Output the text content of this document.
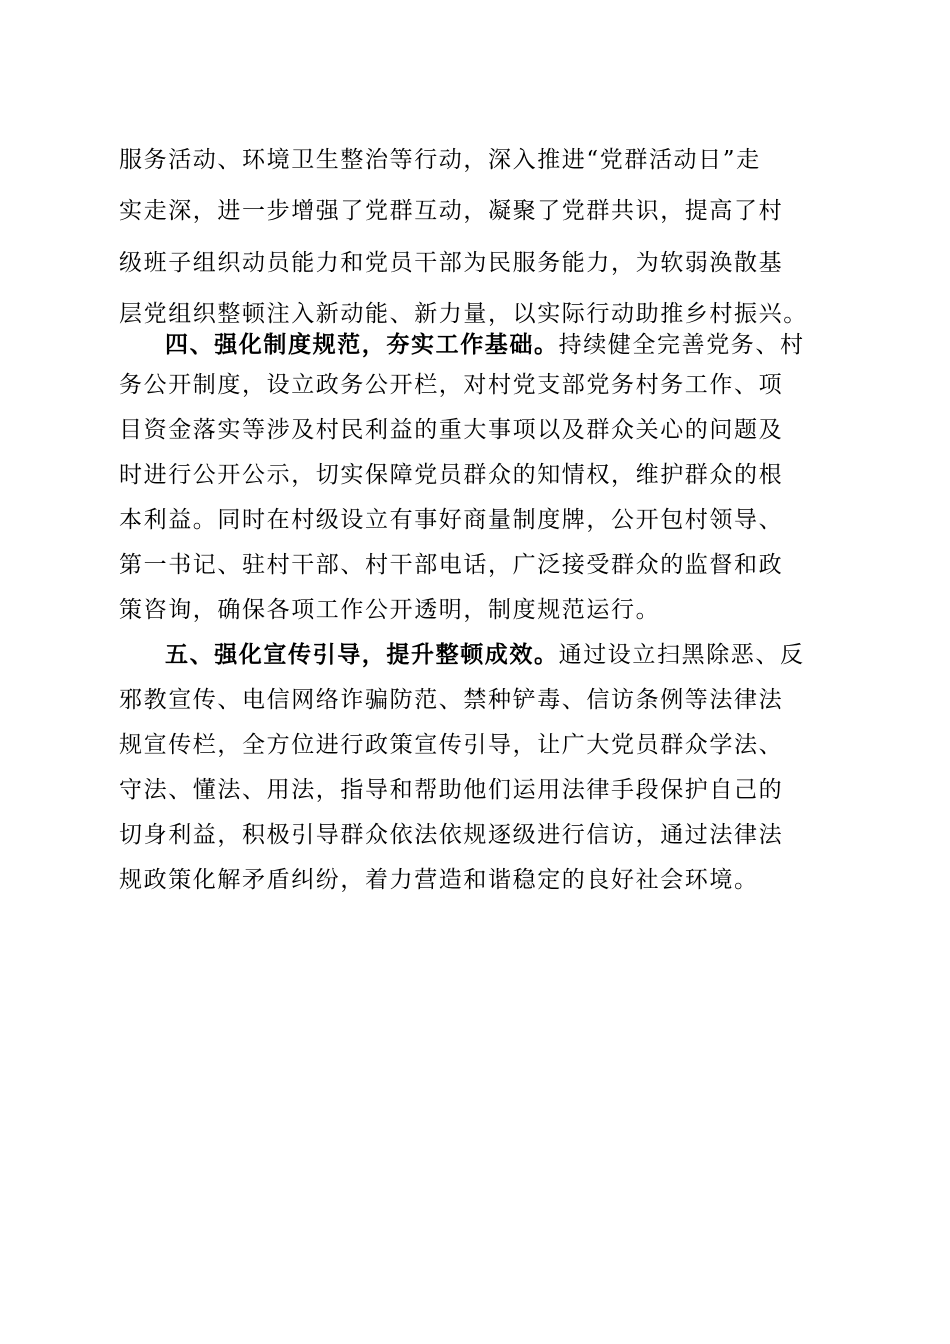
服务活动、环境卫生整治等行动，深入推进“党群活动日”走
实走深，进一步增强了党群互动，凝聚了党群共识，提高了村
级班子组织动员能力和党员干部为民服务能力，为软弱涣散基
层党组织整顿注入新动能、新力量，以实际行动助推乡村振兴。
四、强化制度规范，夯实工作基础。持续健全完善党务、村
务公开制度，设立政务公开栏，对村党支部党务村务工作、项
目资金落实等涉及村民利益的重大事项以及群众关心的问题及
时进行公开公示，切实保障党员群众的知情权，维护群众的根
本利益。同时在村级设立有事好商量制度牌，公开包村领导、
第一书记、驻村干部、村干部电话，广泛接受群众的监督和政
策咨询，确保各项工作公开透明，制度规范运行。
五、强化宣传引导，提升整顿成效。通过设立扫黑除恶、反
邪教宣传、电信网络诈骗防范、禁种铲毒、信访条例等法律法
规宣传栏，全方位进行政策宣传引导，让广大党员群众学法、
守法、懂法、用法，指导和帮助他们运用法律手段保护自己的
切身利益，积极引导群众依法依规逐级进行信访，通过法律法
规政策化解矛盾纠纷，着力营造和谐稳定的良好社会环境。
